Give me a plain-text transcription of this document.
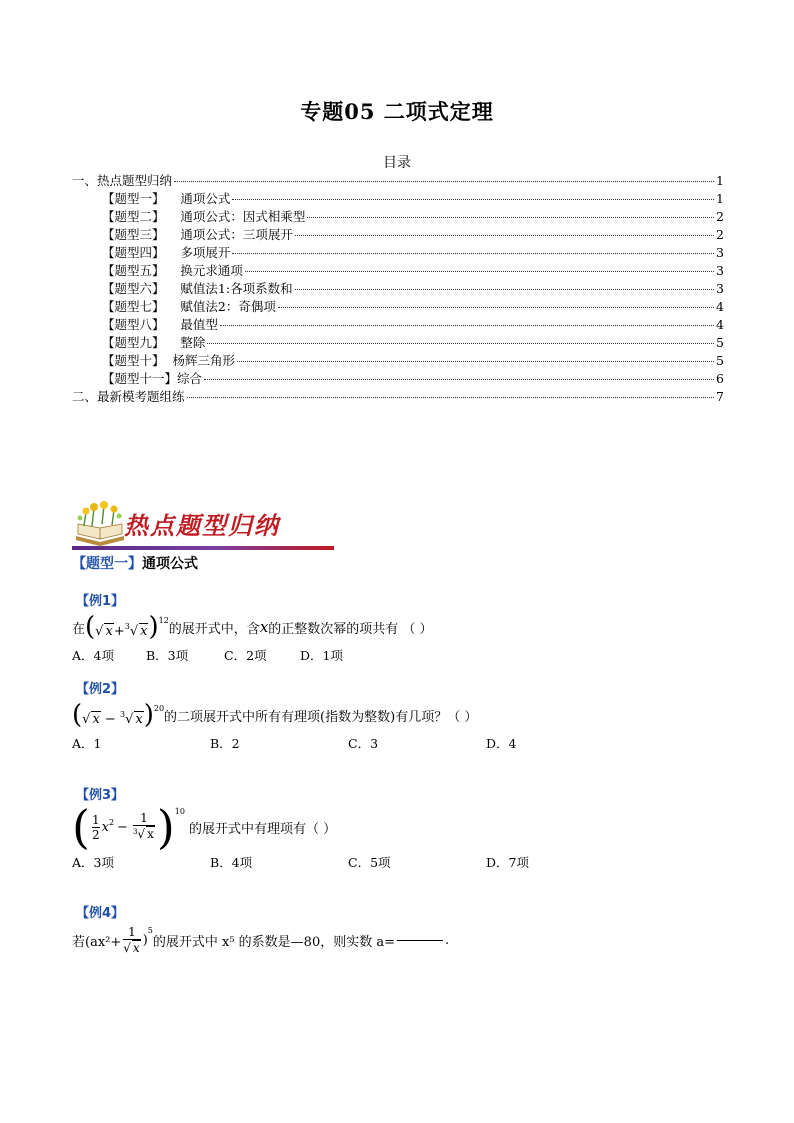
专题05 二项式定理
目录
一、热点题型归纳	1
【题型一】 通项公式	1
【题型二】 通项公式：因式相乘型	2
【题型三】 通项公式：三项展开	2
【题型四】 多项展开	3
【题型五】 换元求通项	3
【题型六】 赋值法1:各项系数和	3
【题型七】 赋值法2：奇偶项	4
【题型八】 最值型	4
【题型九】 整除	5
【题型十】 杨辉三角形	5
【题型十一】 综合	6
二、最新模考题组练	7
热点题型归纳
【题型一】通项公式
【例1】
在 (√ x+$^3$√ x)$^{12}$
的展开式中，含 x 的正整数次幂的项共有 （ ）
A．4项	B．3项	C．2项	D．1项
【例2】
(√ x − $^3$√ x)$^{20}$
的二项展开式中所有有理项(指数为整数)有几项？（ ）
A．1	B．2	C．3	D．4
【例3】
( $\frac{1}{2} x^2 - \frac{1}{^3√ x}$ ) 10
的展开式中有理项有（ ）
A．3项	B．4项	C．5项	D．7项
【例4】
若($ax^2+ \frac{1}{√ x}$ )
5
的展开式中 x⁵ 的系数是—80，则实数 a=	.
